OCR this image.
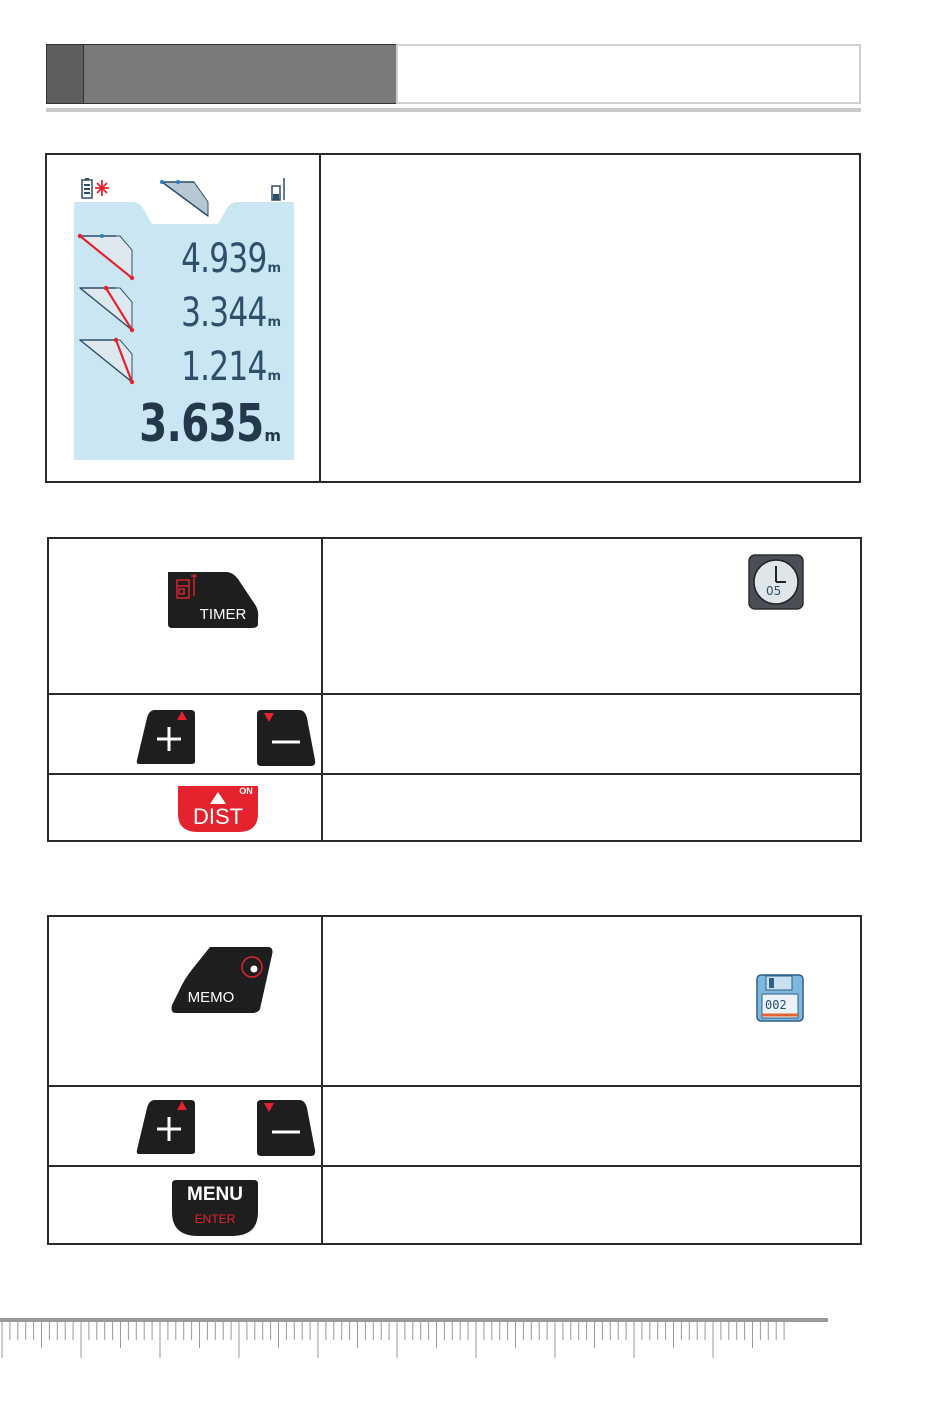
4.939m
3.344m
1.214m
3.635m
TIMER
05
ON
DIST
MEMO	002
MENU
ENTER
